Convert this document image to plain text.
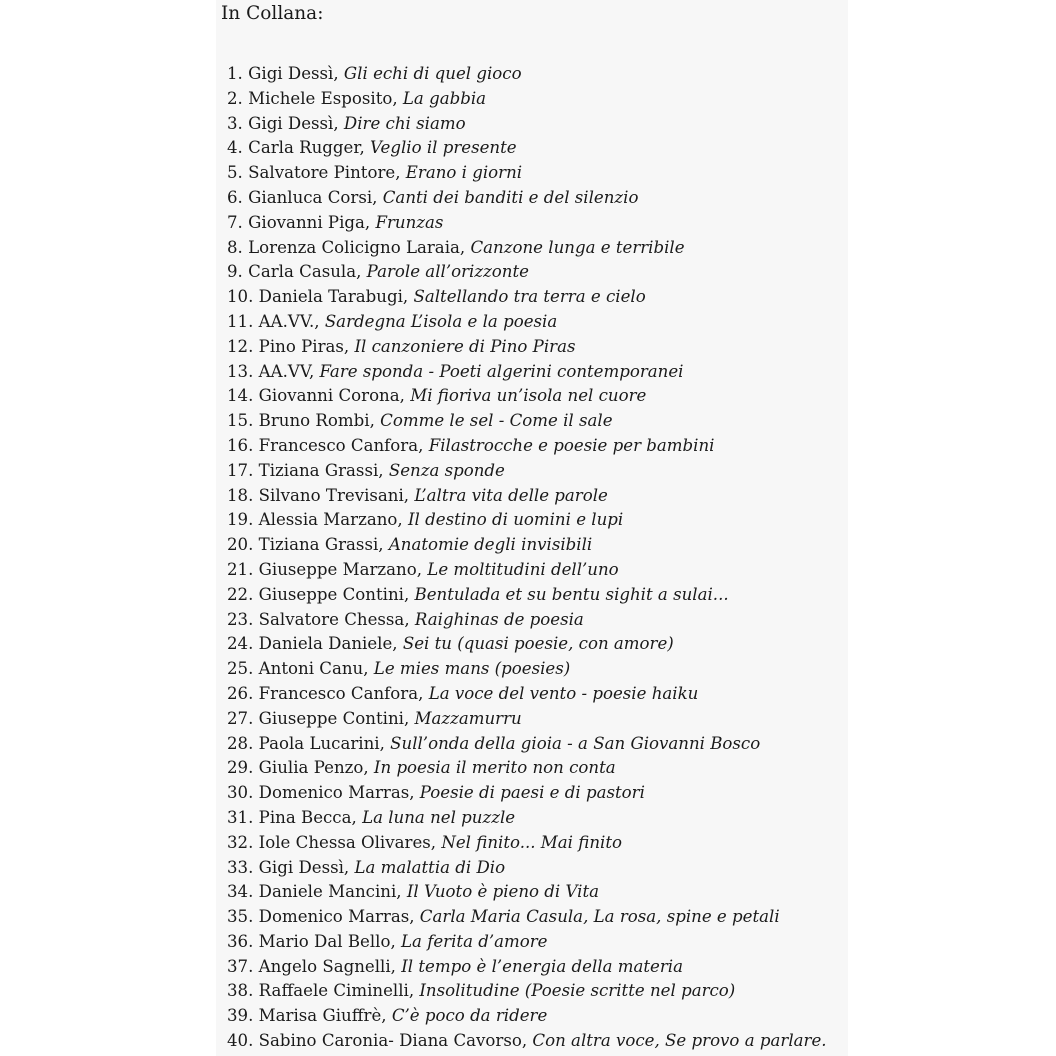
In Collana:
1. Gigi Dessì, Gli echi di quel gioco
2. Michele Esposito, La gabbia
3. Gigi Dessì, Dire chi siamo
4. Carla Rugger, Veglio il presente
5. Salvatore Pintore, Erano i giorni
6. Gianluca Corsi, Canti dei banditi e del silenzio
7. Giovanni Piga, Frunzas
8. Lorenza Colicigno Laraia, Canzone lunga e terribile
9. Carla Casula, Parole all’orizzonte
10. Daniela Tarabugi, Saltellando tra terra e cielo
11. AA.VV., Sardegna L’isola e la poesia
12. Pino Piras, Il canzoniere di Pino Piras
13. AA.VV, Fare sponda - Poeti algerini contemporanei
14. Giovanni Corona, Mi fioriva un’isola nel cuore
15. Bruno Rombi, Comme le sel - Come il sale
16. Francesco Canfora, Filastrocche e poesie per bambini
17. Tiziana Grassi, Senza sponde
18. Silvano Trevisani, L’altra vita delle parole
19. Alessia Marzano, Il destino di uomini e lupi
20. Tiziana Grassi, Anatomie degli invisibili
21. Giuseppe Marzano, Le moltitudini dell’uno
22. Giuseppe Contini, Bentulada et su bentu sighit a sulai...
23. Salvatore Chessa, Raighinas de poesia
24. Daniela Daniele, Sei tu (quasi poesie, con amore)
25. Antoni Canu, Le mies mans (poesies)
26. Francesco Canfora, La voce del vento - poesie haiku
27. Giuseppe Contini, Mazzamurru
28. Paola Lucarini, Sull’onda della gioia - a San Giovanni Bosco
29. Giulia Penzo, In poesia il merito non conta
30. Domenico Marras, Poesie di paesi e di pastori
31. Pina Becca, La luna nel puzzle
32. Iole Chessa Olivares, Nel finito... Mai finito
33. Gigi Dessì, La malattia di Dio
34. Daniele Mancini, Il Vuoto è pieno di Vita
35. Domenico Marras, Carla Maria Casula, La rosa, spine e petali
36. Mario Dal Bello, La ferita d’amore
37. Angelo Sagnelli, Il tempo è l’energia della materia
38. Raffaele Ciminelli, Insolitudine (Poesie scritte nel parco)
39. Marisa Giuffrè, C’è poco da ridere
40. Sabino Caronia- Diana Cavorso, Con altra voce, Se provo a parlare.
